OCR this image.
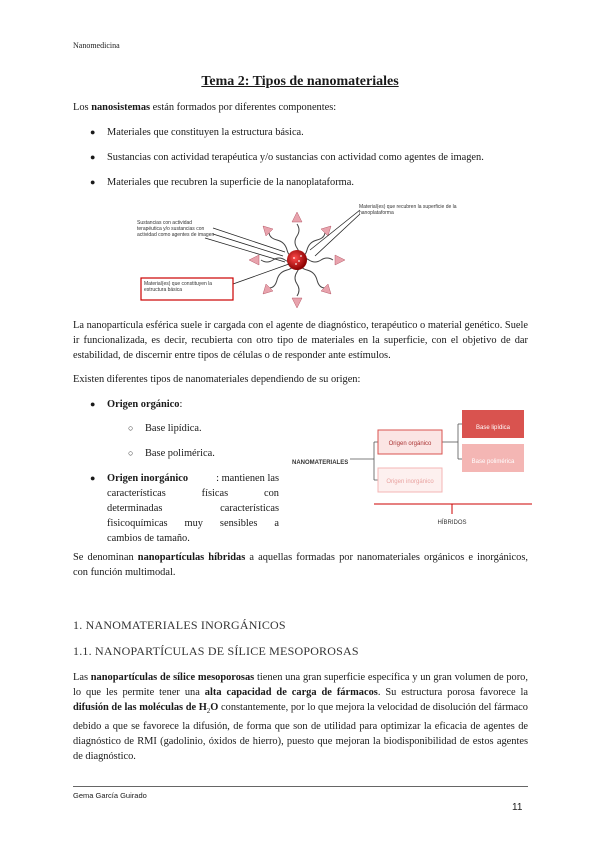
Nanomedicina
Tema 2: Tipos de nanomateriales
Los nanosistemas están formados por diferentes componentes:
● Materiales que constituyen la estructura básica.
● Sustancias con actividad terapéutica y/o sustancias con actividad como agentes de imagen.
● Materiales que recubren la superficie de la nanoplataforma.
Sustancias con actividad terapéutica y/o sustancias con actividad como agentes de imagen
Material(es) que recubren la superficie de la nanoplataforma
Material(es) que constituyen la estructura básica
La nanopartícula esférica suele ir cargada con el agente de diagnóstico, terapéutico o material genético. Suele ir funcionalizada, es decir, recubierta con otro tipo de materiales en la superficie, con el objetivo de dar estabilidad, de discernir entre tipos de células o de responder ante estímulos.
Existen diferentes tipos de nanomateriales dependiendo de su origen:
● Origen orgánico:
○ Base lipídica.
○ Base polimérica.
● Origen inorgánico	: mantienen las
características físicas con
determinadas características
fisicoquímicas muy sensibles a
cambios de tamaño.
NANOMATERIALES
Origen orgánico
Origen inorgánico
Base lipídica
Base polimérica
HÍBRIDOS
Se denominan nanopartículas híbridas a aquellas formadas por nanomateriales orgánicos e inorgánicos, con función multimodal.
1. NANOMATERIALES INORGÁNICOS
1.1. NANOPARTÍCULAS DE SÍLICE MESOPOROSAS
Las nanopartículas de sílice mesoporosas tienen una gran superficie específica y un gran volumen de poro, lo que les permite tener una alta capacidad de carga de fármacos. Su estructura porosa favorece la difusión de las moléculas de $H_2O$ constantemente, por lo que mejora la velocidad de disolución del fármaco debido a que se favorece la difusión, de forma que son de utilidad para optimizar la eficacia de agentes de diagnóstico de RMI (gadolinio, óxidos de hierro), puesto que mejoran la biodisponibilidad de estos agentes de diagnóstico.
Gema García Guirado
11
